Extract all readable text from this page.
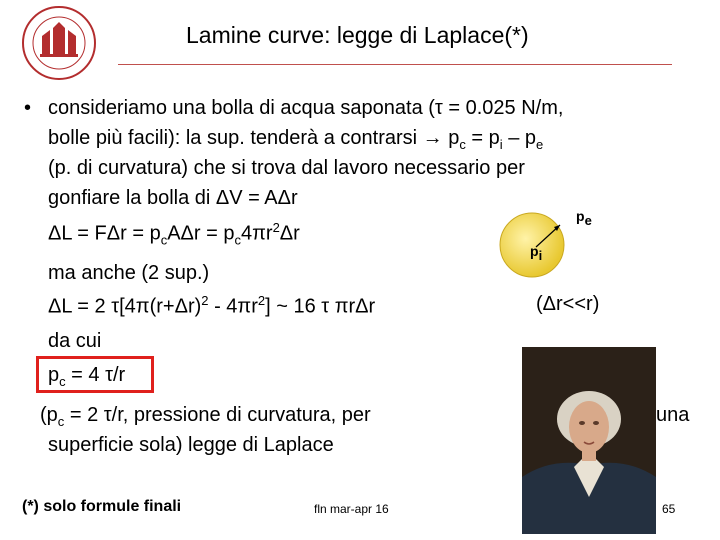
Lamine curve: legge di Laplace(*)
• consideriamo una bolla di acqua saponata (τ = 0.025 N/m,
bolle più facili): la sup. tenderà a contrarsi → $p_c = p_i - p_e$
(p. di curvatura) che si trova dal lavoro necessario per
gonfiare la bolla di ΔV = AΔr
$\Delta L = F\Delta r = p_cA\Delta r = p_c4\pi r^2\Delta r$
ma anche (2 sup.)
ΔL = 2 $\tau[4\pi(r+\Delta r)^2 - 4\pi r^2]$ ~ 16 τ πrΔr
da cui
$p_c = 4$ τ/r
($p_c = 2$ τ/r, pressione di curvatura, per	una
superficie sola) legge di Laplace
$p_e$
$p_i$
(Δr<<r)
(*) solo formule finali	fln mar-apr 16	65
